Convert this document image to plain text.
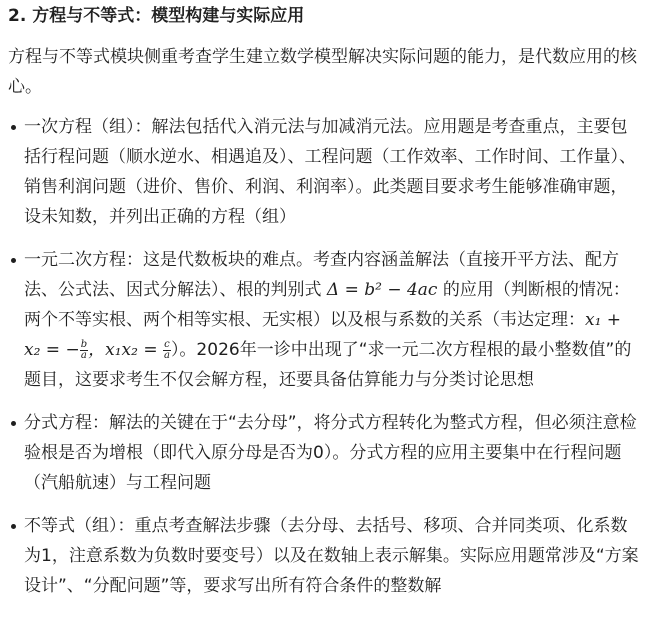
2. 方程与不等式：模型构建与实际应用
方程与不等式模块侧重考查学生建立数学模型解决实际问题的能力，是代数应用的核心。
一次方程（组）：解法包括代入消元法与加减消元法。应用题是考查重点，主要包括行程问题（顺水逆水、相遇追及）、工程问题（工作效率、工作时间、工作量）、销售利润问题（进价、售价、利润、利润率）。此类题目要求考生能够准确审题，设未知数，并列出正确的方程（组）
一元二次方程：这是代数板块的难点。考查内容涵盖解法（直接开平方法、配方法、公式法、因式分解法）、根的判别式 Δ = b² − 4ac 的应用（判断根的情况：两个不等实根、两个相等实根、无实根）以及根与系数的关系（韦达定理：x₁ + x₂ = − $\frac{b}{a}$ ，$x_1x_2 = \frac{c}{a}$ ）。2026年一诊中出现了“求一元二次方程根的最小整数值”的题目，这要求考生不仅会解方程，还要具备估算能力与分类讨论思想
分式方程：解法的关键在于“去分母”，将分式方程转化为整式方程，但必须注意检验根是否为增根（即代入原分母是否为0）。分式方程的应用主要集中在行程问题（汽船航速）与工程问题
不等式（组）：重点考查解法步骤（去分母、去括号、移项、合并同类项、化系数为1，注意系数为负数时要变号）以及在数轴上表示解集。实际应用题常涉及“方案设计”、“分配问题”等，要求写出所有符合条件的整数解
